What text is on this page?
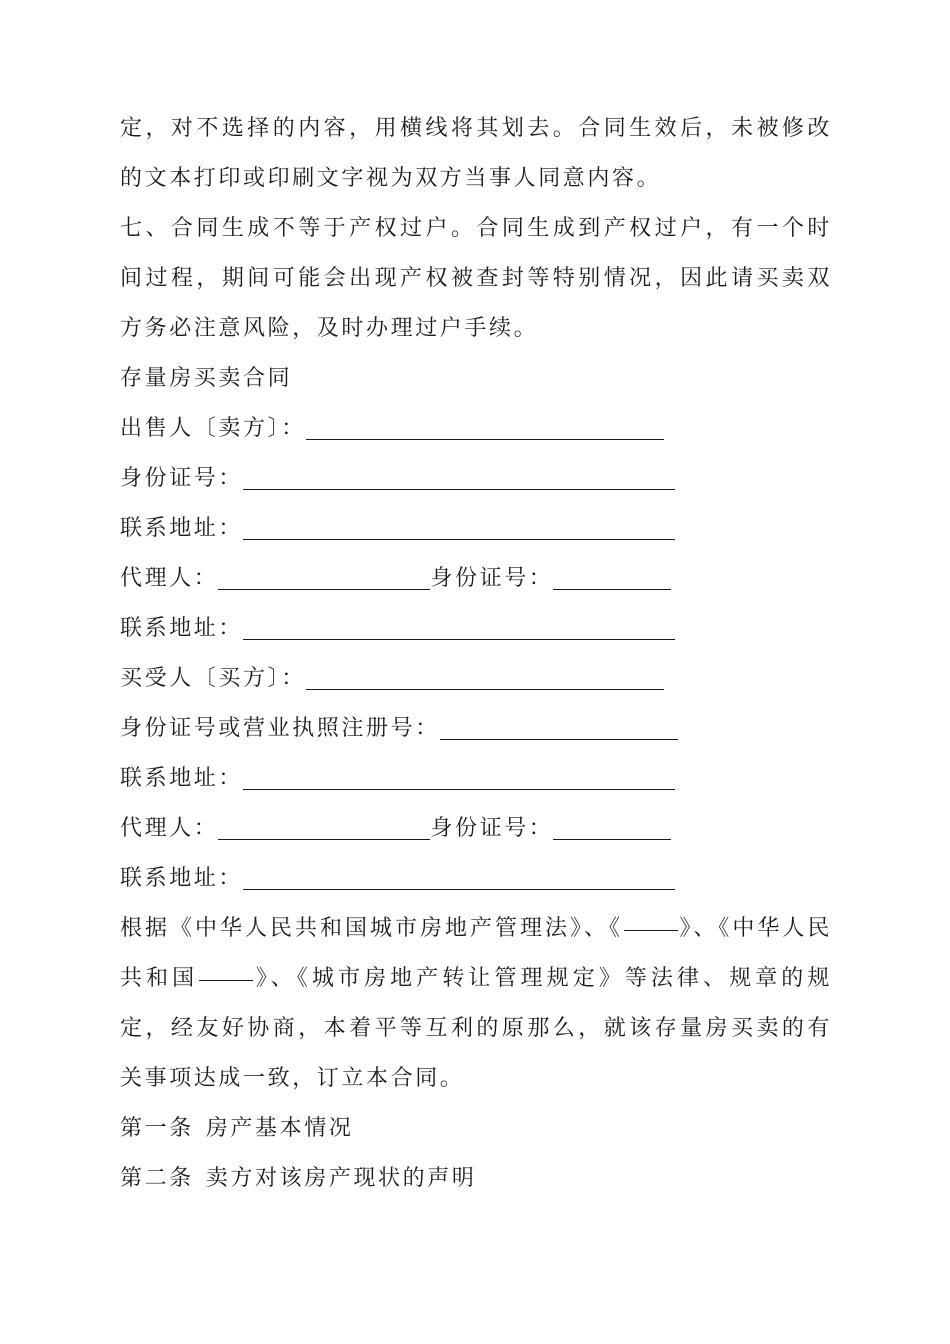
定，对不选择的内容，用横线将其划去。合同生效后，未被修改的文本打印或印刷文字视为双方当事人同意内容。

七、合同生成不等于产权过户。合同生成到产权过户，有一个时间过程，期间可能会出现产权被查封等特别情况，因此请买卖双方务必注意风险，及时办理过户手续。

存量房买卖合同

出售人〔卖方〕：
身份证号：
联系地址：
代理人：	身份证号：
联系地址：
买受人〔买方〕：
身份证号或营业执照注册号：
联系地址：
代理人：	身份证号：
联系地址：

根据《中华人民共和国城市房地产管理法》、《	》、《中华人民共和国	》、《城市房地产转让管理规定》等法律、规章的规定，经友好协商，本着平等互利的原那么，就该存量房买卖的有关事项达成一致，订立本合同。

第一条 房产基本情况

第二条 卖方对该房产现状的声明
